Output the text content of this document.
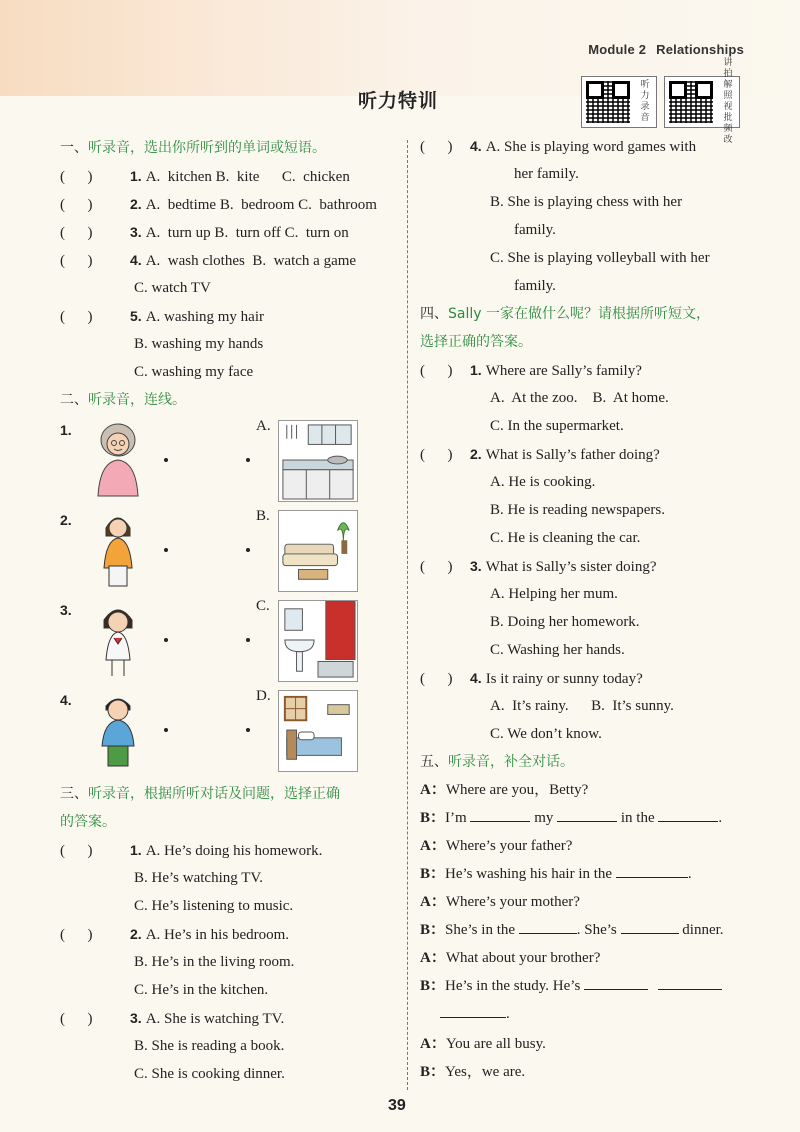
Module 2 Relationships
听力特训
听
力
录
音
讲
拍
解
照
视
批
频
改
一、听录音，选出你所听到的单词或短语。
(      )	1. A.  kitchen B.  kite      C.  chicken
(      )	2. A.  bedtime B.  bedroom C.  bathroom
(      )	3. A.  turn up B.  turn off C.  turn on
(      )	4. A.  wash clothes  B.  watch a game
C. watch TV
(      )	5. A. washing my hair
B. washing my hands
C. washing my face
二、听录音，连线。
1.	A.
2.	B.
3.	C.
4.	D.
三、听录音，根据所听对话及问题，选择正确
的答案。
(      )	1. A. He’s doing his homework.
B. He’s watching TV.
C. He’s listening to music.
(      )	2. A. He’s in his bedroom.
B. He’s in the living room.
C. He’s in the kitchen.
(      )	3. A. She is watching TV.
B. She is reading a book.
C. She is cooking dinner.
(      ) 4. A. She is playing word games with
her family.
B. She is playing chess with her
family.
C. She is playing volleyball with her
family.
四、Sally 一家在做什么呢？请根据所听短文，
选择正确的答案。
(      ) 1. Where are Sally’s family?
A.  At the zoo.    B.  At home.
C. In the supermarket.
(      ) 2. What is Sally’s father doing?
A. He is cooking.
B. He is reading newspapers.
C. He is cleaning the car.
(      ) 3. What is Sally’s sister doing?
A. Helping her mum.
B. Doing her homework.
C. Washing her hands.
(      ) 4. Is it rainy or sunny today?
A.  It’s rainy.      B.  It’s sunny.
C. We don’t know.
五、听录音，补全对话。
A：Where are you，Betty?
B：I’m	my	in the	.
A：Where’s your father?
B：He’s washing his hair in the	.
A：Where’s your mother?
B：She’s in the	. She’s	dinner.
A：What about your brother?
B：He’s in the study. He’s
.
A：You are all busy.
B：Yes，we are.
39
